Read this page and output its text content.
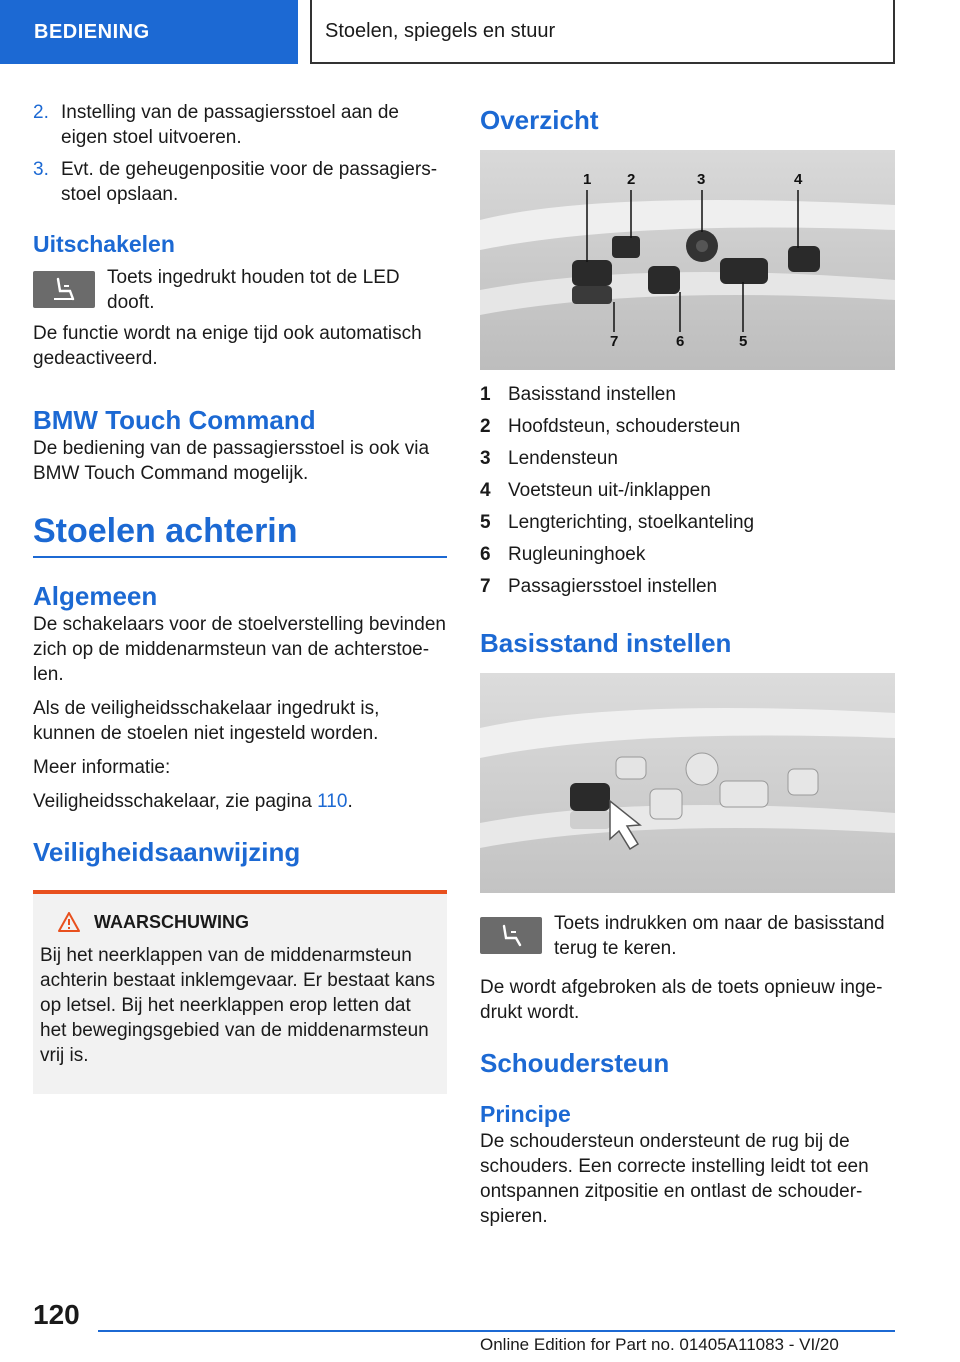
BEDIENING	Stoelen, spiegels en stuur
2. Instelling van de passagiersstoel aan de eigen stoel uitvoeren.
3. Evt. de geheugenpositie voor de passagiers-stoel opslaan.
Uitschakelen

Toets ingedrukt houden tot de LED dooft.

De functie wordt na enige tijd ook automatisch gedeactiveerd.

BMW Touch Command

De bediening van de passagiersstoel is ook via BMW Touch Command mogelijk.

Stoelen achterin
Algemeen

De schakelaars voor de stoelverstelling bevinden zich op de middenarmsteun van de achterstoe-len.

Als de veiligheidsschakelaar ingedrukt is, kunnen de stoelen niet ingesteld worden.

Meer informatie:

Veiligheidsschakelaar, zie pagina 110.

Veiligheidsaanwijzing
WAARSCHUWING

Bij het neerklappen van de middenarmsteun achterin bestaat inklemgevaar. Er bestaat kans op letsel. Bij het neerklappen erop letten dat het bewegingsgebied van de middenarmsteun vrij is.

Overzicht
1 2	3	4
7	6	5
1 Basisstand instellen
2 Hoofdsteun, schoudersteun
3 Lendensteun
4 Voetsteun uit-/inklappen
5 Lengterichting, stoelkanteling
6 Rugleuninghoek
7 Passagiersstoel instellen
Basisstand instellen

Toets indrukken om naar de basisstand terug te keren.

De wordt afgebroken als de toets opnieuw inge-drukt wordt.

Schoudersteun
Principe

De schoudersteun ondersteunt de rug bij de schouders. Een correcte instelling leidt tot een ontspannen zitpositie en ontlast de schouder-spieren.

120
Online Edition for Part no. 01405A11083 - VI/20
